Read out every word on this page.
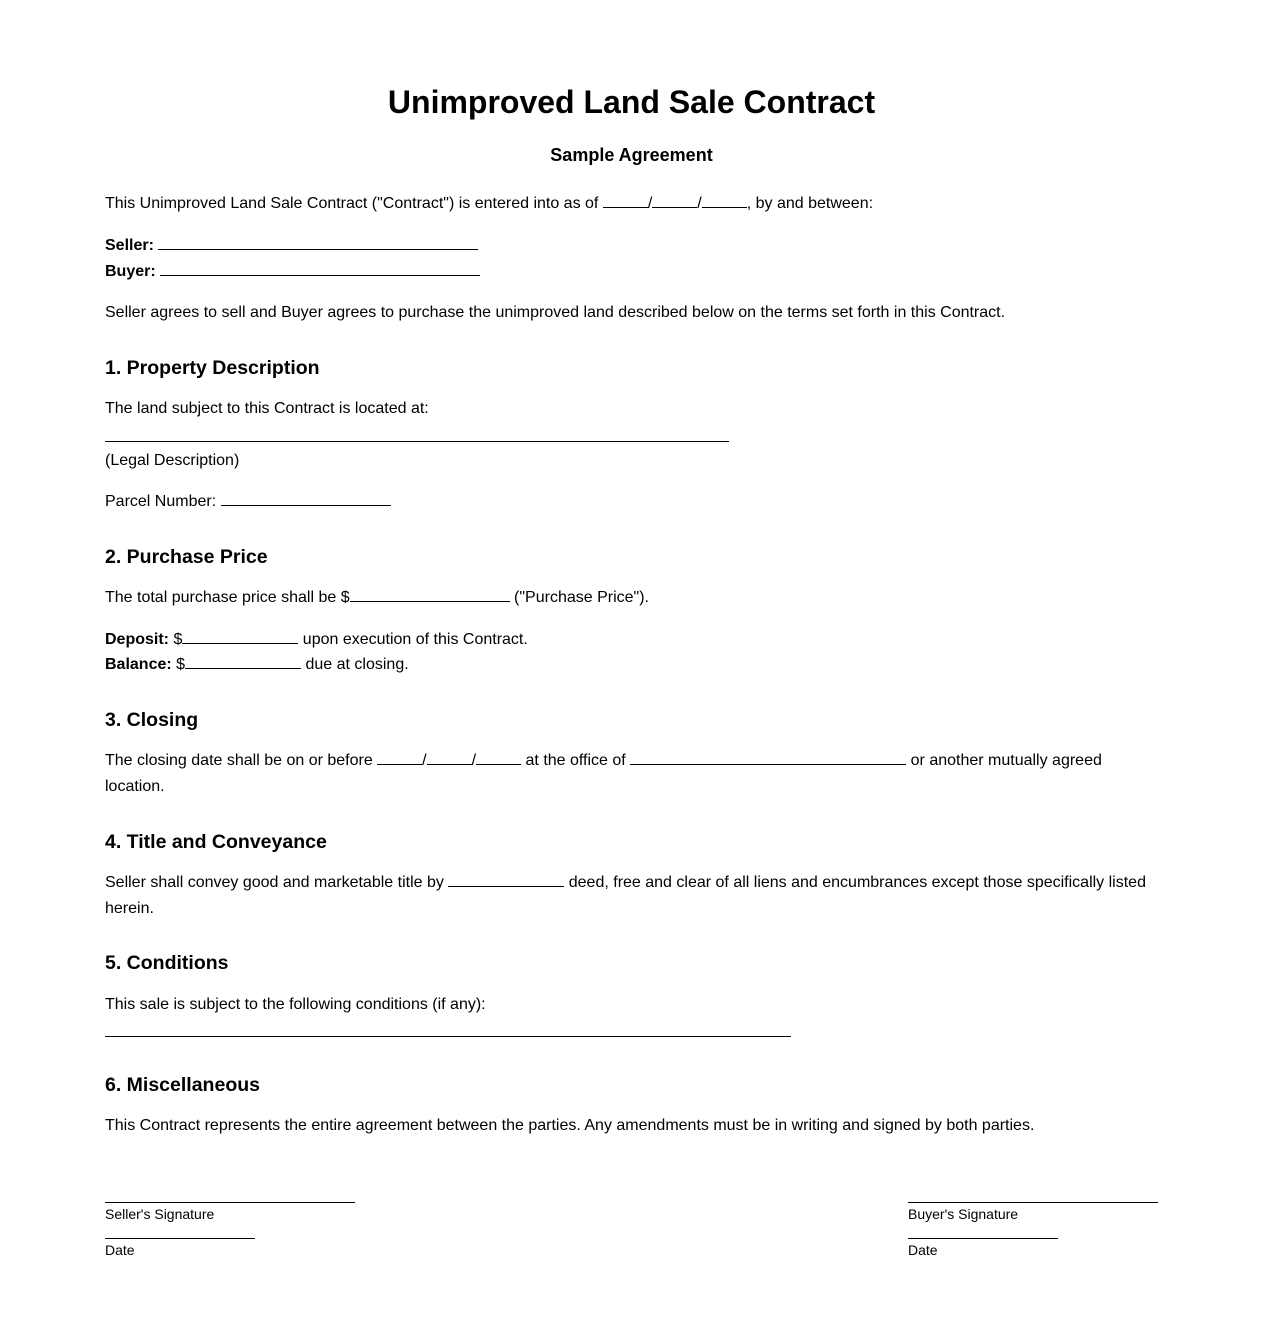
Unimproved Land Sale Contract
Sample Agreement

This Unimproved Land Sale Contract ("Contract") is entered into as of	/	/	, by and between:

Seller:

Buyer:

Seller agrees to sell and Buyer agrees to purchase the unimproved land described below on the terms set forth in this Contract.

1. Property Description

The land subject to this Contract is located at:

(Legal Description)

Parcel Number:

2. Purchase Price

The total purchase price shall be $	("Purchase Price").

Deposit: $	upon execution of this Contract.

Balance: $	due at closing.

3. Closing

The closing date shall be on or before	/	/	at the office of	or another mutually agreed

location.

4. Title and Conveyance

Seller shall convey good and marketable title by	deed, free and clear of all liens and encumbrances except those specifically listed

herein.

5. Conditions

This sale is subject to the following conditions (if any):

6. Miscellaneous

This Contract represents the entire agreement between the parties. Any amendments must be in writing and signed by both parties.

Seller's Signature
Date
Buyer's Signature
Date
